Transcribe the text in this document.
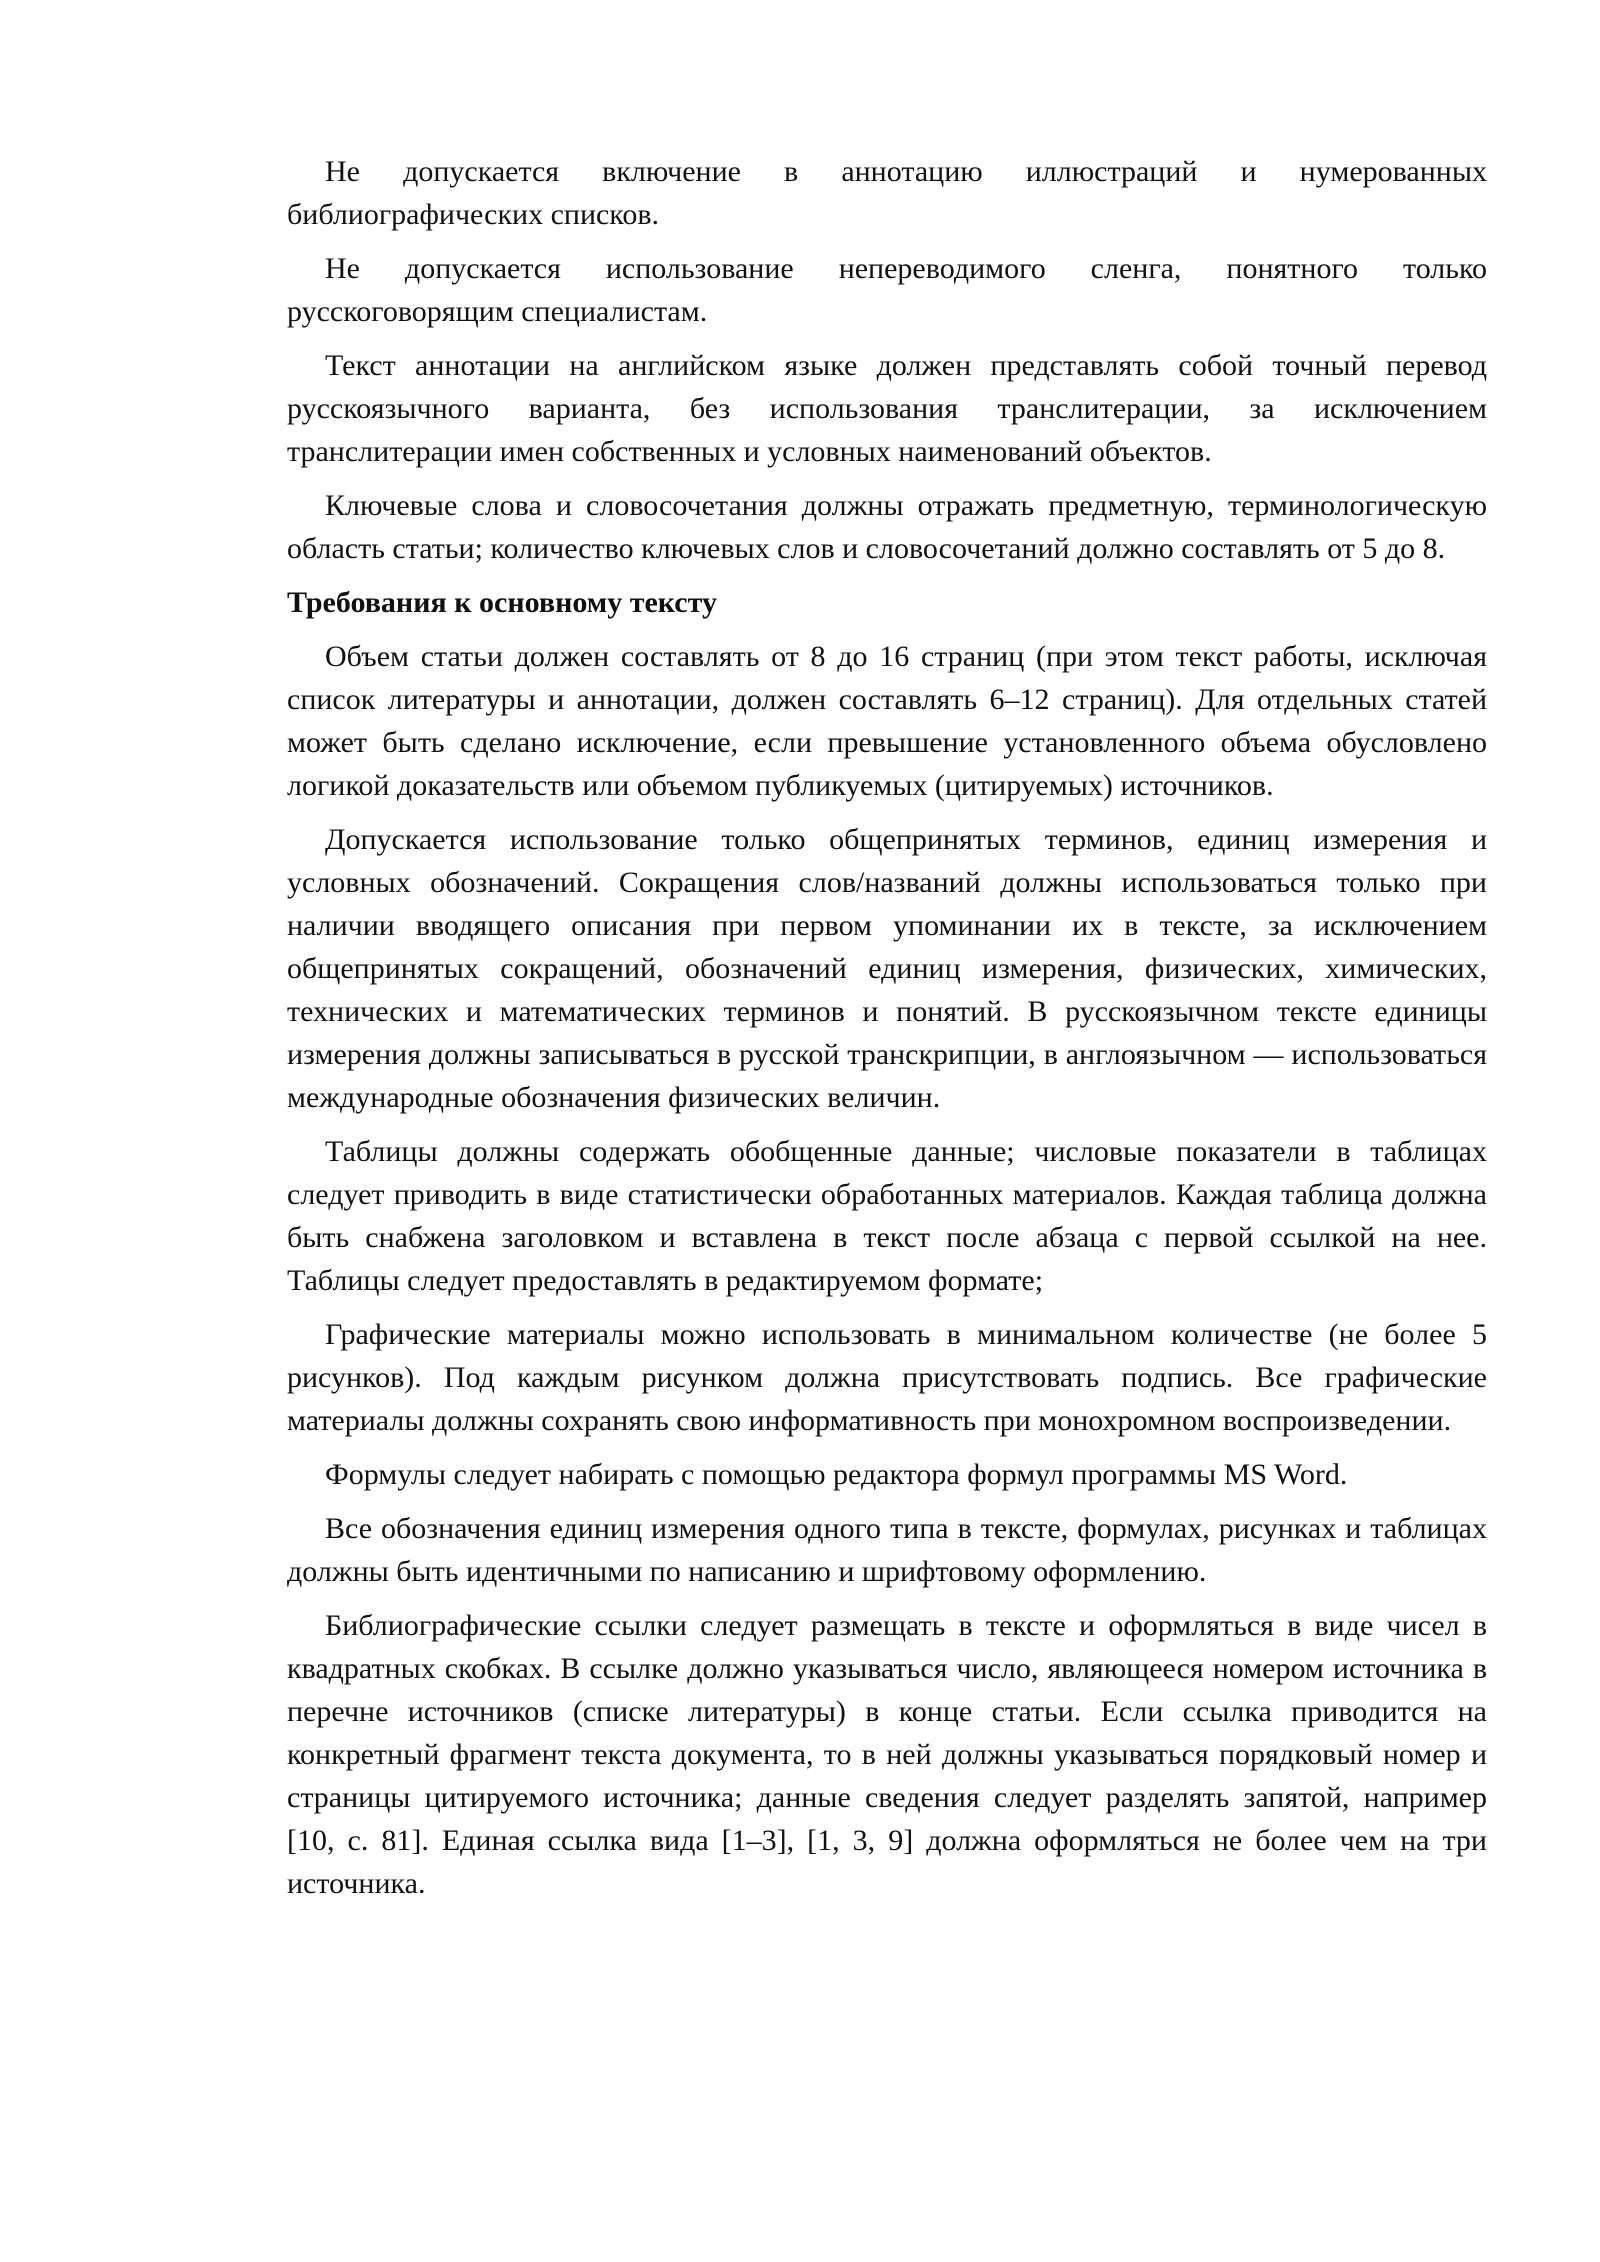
Не допускается включение в аннотацию иллюстраций и нумерованных библиографических списков.

Не допускается использование непереводимого сленга, понятного только русскоговорящим специалистам.

Текст аннотации на английском языке должен представлять собой точный перевод русскоязычного варианта, без использования транслитерации, за исключением транслитерации имен собственных и условных наименований объектов.

Ключевые слова и словосочетания должны отражать предметную, терминологическую область статьи; количество ключевых слов и словосочетаний должно составлять от 5 до 8.

Требования к основному тексту

Объем статьи должен составлять от 8 до 16 страниц (при этом текст работы, исключая список литературы и аннотации, должен составлять 6–12 страниц). Для отдельных статей может быть сделано исключение, если превышение установленного объема обусловлено логикой доказательств или объемом публикуемых (цитируемых) источников.

Допускается использование только общепринятых терминов, единиц измерения и условных обозначений. Сокращения слов/названий должны использоваться только при наличии вводящего описания при первом упоминании их в тексте, за исключением общепринятых сокращений, обозначений единиц измерения, физических, химических, технических и математических терминов и понятий. В русскоязычном тексте единицы измерения должны записываться в русской транскрипции, в англоязычном — использоваться международные обозначения физических величин.

Таблицы должны содержать обобщенные данные; числовые показатели в таблицах следует приводить в виде статистически обработанных материалов. Каждая таблица должна быть снабжена заголовком и вставлена в текст после абзаца с первой ссылкой на нее. Таблицы следует предоставлять в редактируемом формате;

Графические материалы можно использовать в минимальном количестве (не более 5 рисунков). Под каждым рисунком должна присутствовать подпись. Все графические материалы должны сохранять свою информативность при монохромном воспроизведении.

Формулы следует набирать с помощью редактора формул программы MS Word.

Все обозначения единиц измерения одного типа в тексте, формулах, рисунках и таблицах должны быть идентичными по написанию и шрифтовому оформлению.

Библиографические ссылки следует размещать в тексте и оформляться в виде чисел в квадратных скобках. В ссылке должно указываться число, являющееся номером источника в перечне источников (списке литературы) в конце статьи. Если ссылка приводится на конкретный фрагмент текста документа, то в ней должны указываться порядковый номер и страницы цитируемого источника; данные сведения следует разделять запятой, например [10, с. 81]. Единая ссылка вида [1–3], [1, 3, 9] должна оформляться не более чем на три источника.
